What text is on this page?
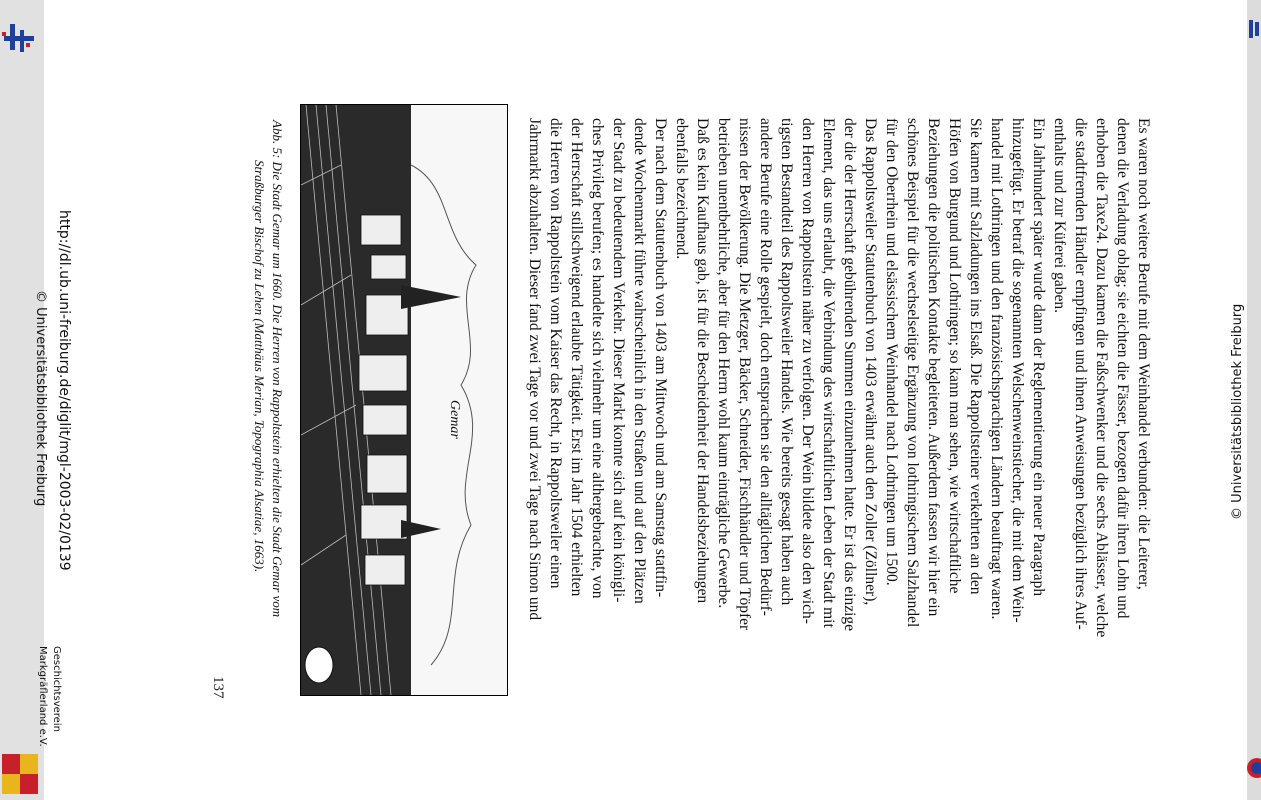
Es waren noch weitere Berufe mit dem Weinhandel verbunden: die Leiterer,
denen die Verladung oblag; sie eichten die Fässer, bezogen dafür ihren Lohn und
erhoben die Taxe24. Dazu kamen die Faßschwenker und die sechs Ablässer, welche
die stadtfremden Händler empfingen und ihnen Anweisungen bezüglich ihres Auf-
enthalts und zur Küferei gaben.

Ein Jahrhundert später wurde dann der Reglementierung ein neuer Paragraph
hinzugefügt. Er betraf die sogenannten Welschenweinstiecher, die mit dem Wein-
handel mit Lothringen und den französischsprachigen Ländern beauftragt waren.
Sie kamen mit Salzladungen ins Elsaß. Die Rappoltsteiner verkehrten an den
Höfen von Burgund und Lothringen; so kann man sehen, wie wirtschaftliche
Beziehungen die politischen Kontakte begleiteten. Außerdem fassen wir hier ein
schönes Beispiel für die wechselseitige Ergänzung von lothringischem Salzhandel
für den Oberrhein und elsässischem Weinhandel nach Lothringen um 1500.

Das Rappoltsweiler Statutenbuch von 1403 erwähnt auch den Zoller (Zöllner),
der die der Herrschaft gebührenden Summen einzunehmen hatte. Er ist das einzige
Element, das uns erlaubt, die Verbindung des wirtschaftlichen Leben der Stadt mit
den Herren von Rappoltstein näher zu verfolgen. Der Wein bildete also den wich-
tigsten Bestandteil des Rappoltsweiler Handels. Wie bereits gesagt haben auch
andere Berufe eine Rolle gespielt, doch entsprachen sie den alltäglichen Bedürf-
nissen der Bevölkerung. Die Metzger, Bäcker, Schneider, Fischhändler und Töpfer
betrieben unentbehrliche, aber für den Herrn wohl kaum einträgliche Gewerbe.
Daß es kein Kaufhaus gab, ist für die Bescheidenheit der Handelsbeziehungen
ebenfalls bezeichnend.

Der nach dem Statutenbuch von 1403 am Mittwoch und am Samstag stattfin-
dende Wochenmarkt führte wahrscheinlich in den Straßen und auf den Plätzen
der Stadt zu bedeutendem Verkehr. Dieser Markt konnte sich auf kein königli-
ches Privileg berufen; es handelte sich vielmehr um eine althergebrachte, von
der Herrschaft stillschweigend erlaubte Tätigkeit. Erst im Jahr 1504 erhielten
die Herren von Rappoltstein vom Kaiser das Recht, in Rappoltsweiler einen
Jahrmarkt abzuhalten. Dieser fand zwei Tage vor und zwei Tage nach Simon und

Gemar
Abb. 5: Die Stadt Gemar um 1660. Die Herren von Rappoltstein erhielten die Stadt Gemar vom
Straßburger Bischof zu Lehen (Matthäus Merian, Topographia Alsatiae, 1663).
137
http://dl.ub.uni-freiburg.de/diglit/mgl-2003-02/0139
© Universitätsbibliothek Freiburg
Geschichtsverein
Markgräflerland e.V.
© Universitätsbibliothek Freiburg
